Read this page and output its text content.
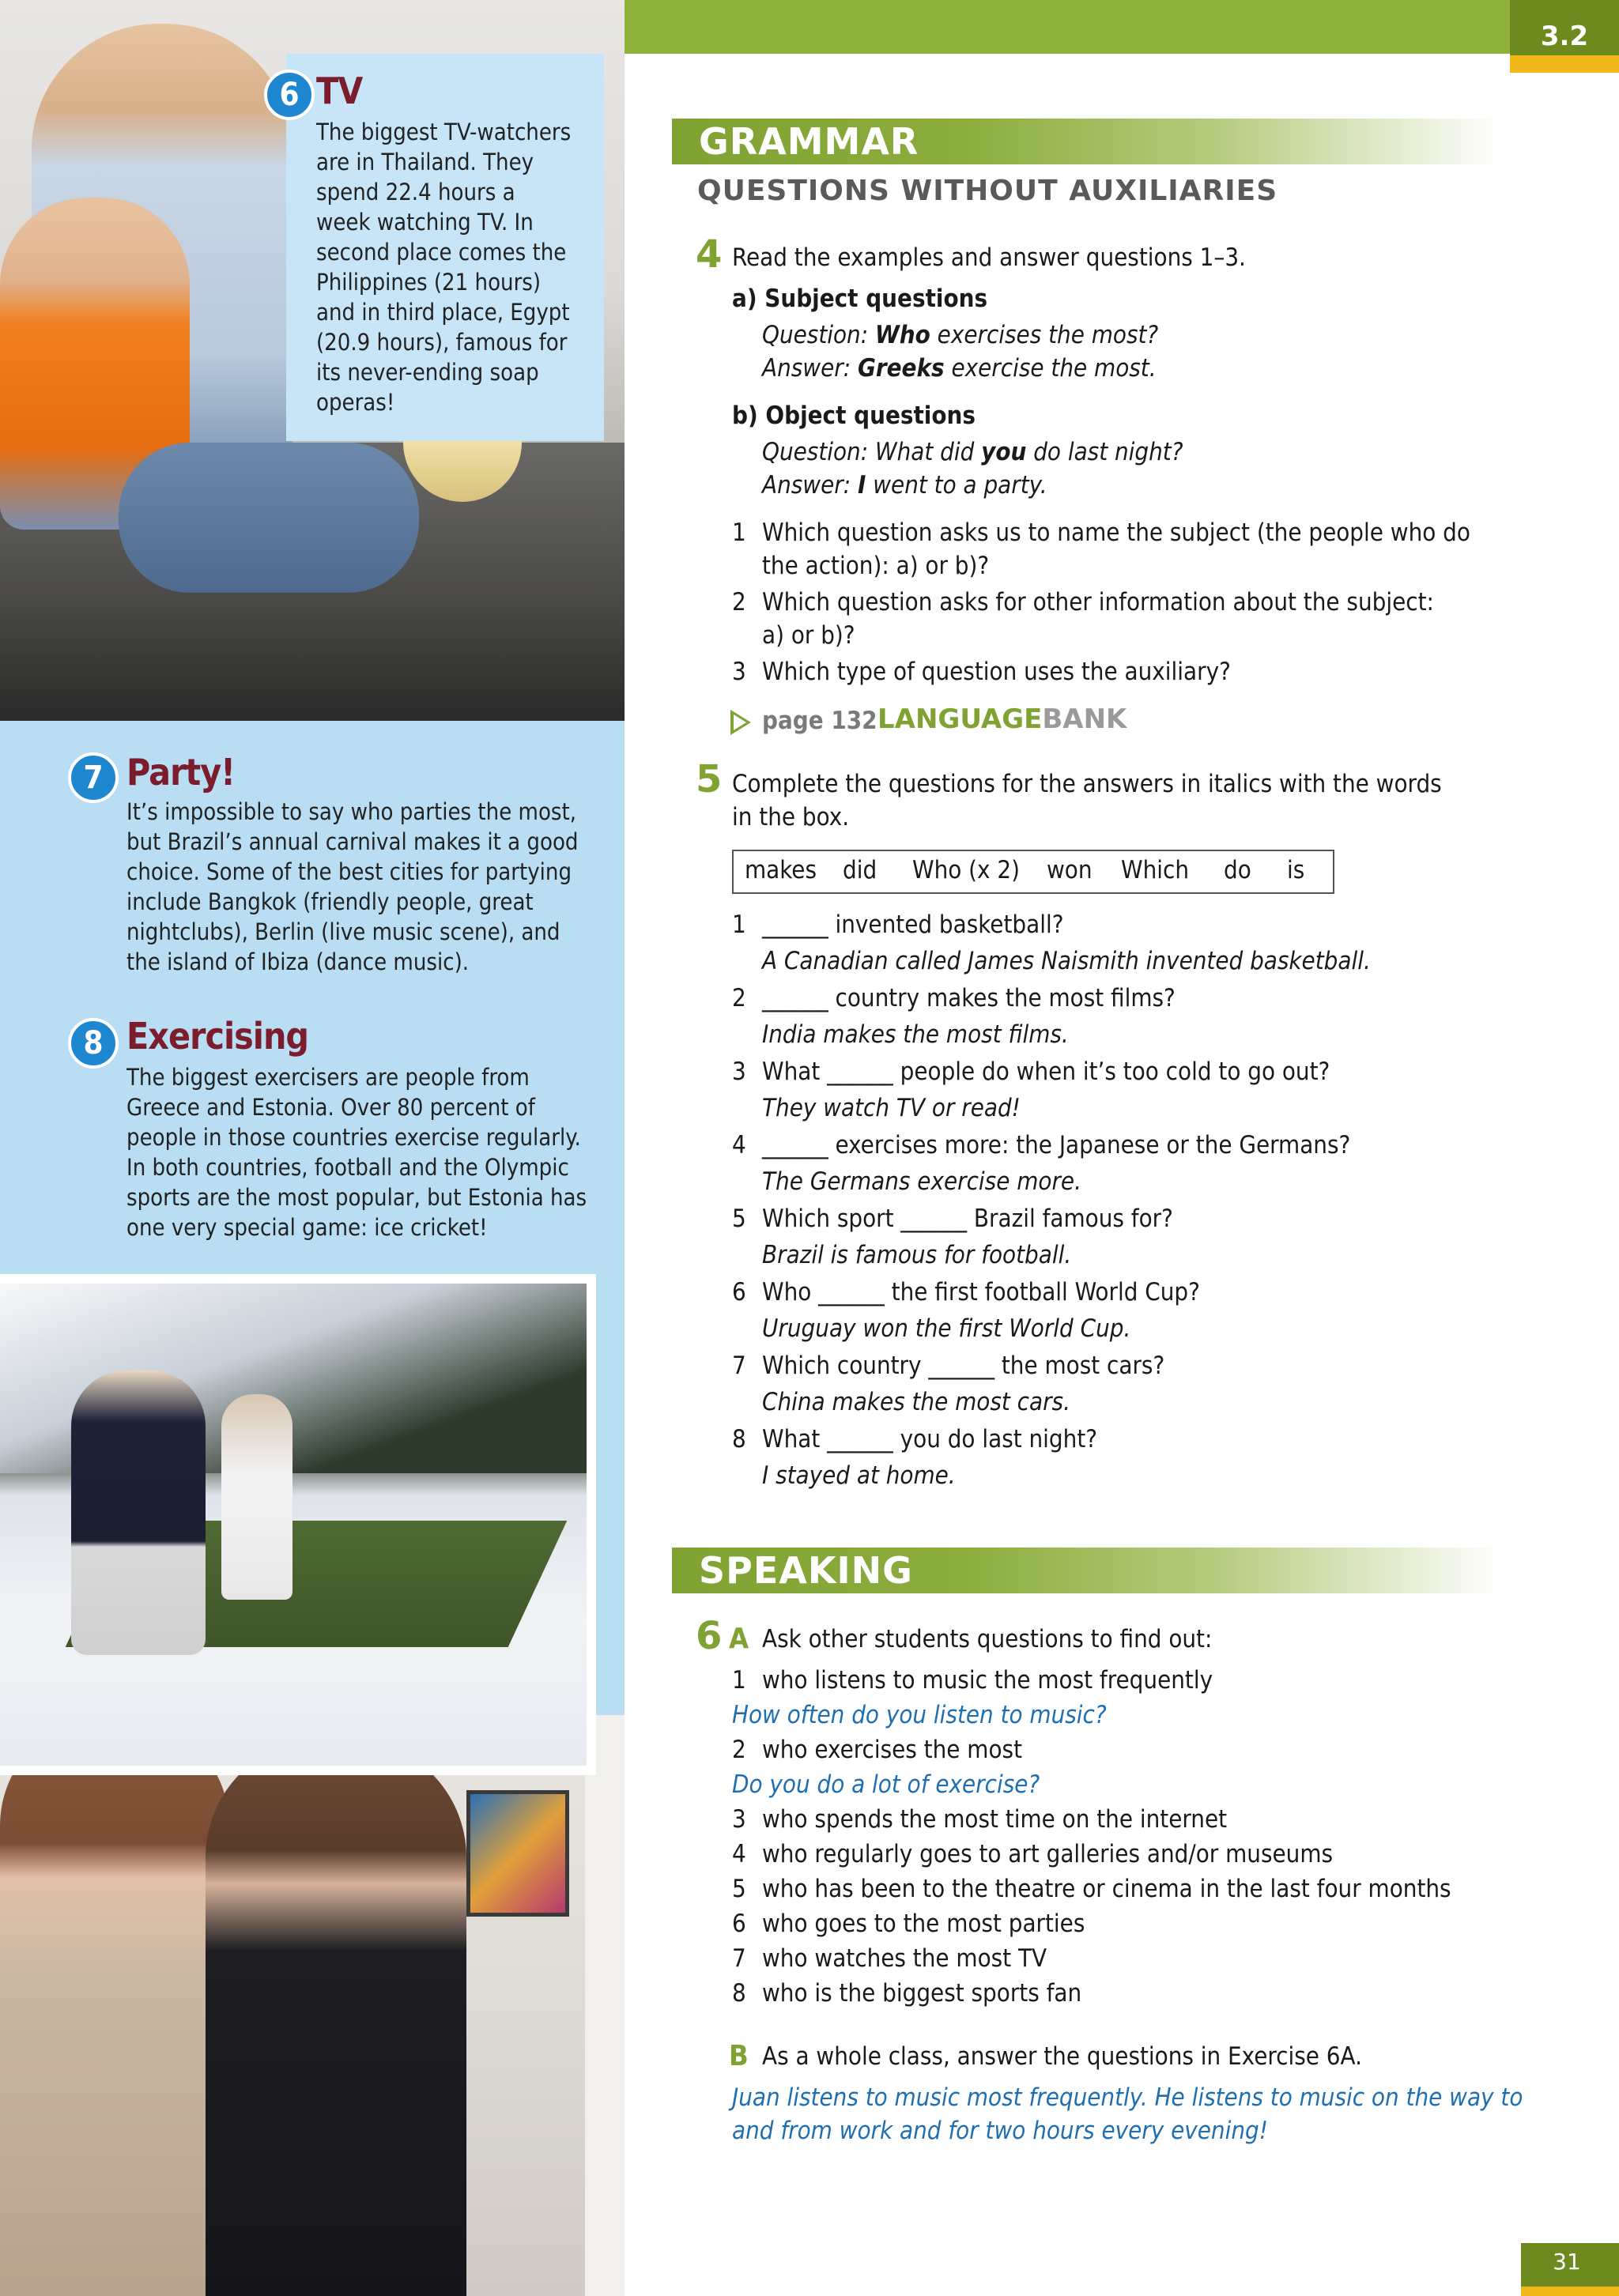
6 TV
The biggest TV-watchers
are in Thailand. They
spend 22.4 hours a
week watching TV. In
second place comes the
Philippines (21 hours)
and in third place, Egypt
(20.9 hours), famous for
its never-ending soap
operas!
7 Party!
It’s impossible to say who parties the most,
but Brazil’s annual carnival makes it a good
choice. Some of the best cities for partying
include Bangkok (friendly people, great
nightclubs), Berlin (live music scene), and
the island of Ibiza (dance music).
8 Exercising
The biggest exercisers are people from
Greece and Estonia. Over 80 percent of
people in those countries exercise regularly.
In both countries, football and the Olympic
sports are the most popular, but Estonia has
one very special game: ice cricket!
3.2
GRAMMAR
QUESTIONS WITHOUT AUXILIARIES
4 Read the examples and answer questions 1–3.
a) Subject questions
Question: Who exercises the most?
Answer: Greeks exercise the most.
b) Object questions
Question: What did you do last night?
Answer: I went to a party.
1 Which question asks us to name the subject (the people who do
the action): a) or b)?
2 Which question asks for other information about the subject:
a) or b)?
3 Which type of question uses the auxiliary?
page 132 LANGUAGEBANK
5 Complete the questions for the answers in italics with the words
in the box.
makes did Who (x 2) won Which do is
1 ______ invented basketball?
A Canadian called James Naismith invented basketball.
2 ______ country makes the most films?
India makes the most films.
3 What ______ people do when it’s too cold to go out?
They watch TV or read!
4 ______ exercises more: the Japanese or the Germans?
The Germans exercise more.
5 Which sport ______ Brazil famous for?
Brazil is famous for football.
6 Who ______ the first football World Cup?
Uruguay won the first World Cup.
7 Which country ______ the most cars?
China makes the most cars.
8 What ______ you do last night?
I stayed at home.
SPEAKING
6 A Ask other students questions to find out:
1 who listens to music the most frequently
How often do you listen to music?
2 who exercises the most
Do you do a lot of exercise?
3 who spends the most time on the internet
4 who regularly goes to art galleries and/or museums
5 who has been to the theatre or cinema in the last four months
6 who goes to the most parties
7 who watches the most TV
8 who is the biggest sports fan
B As a whole class, answer the questions in Exercise 6A.
Juan listens to music most frequently. He listens to music on the way to
and from work and for two hours every evening!
31
